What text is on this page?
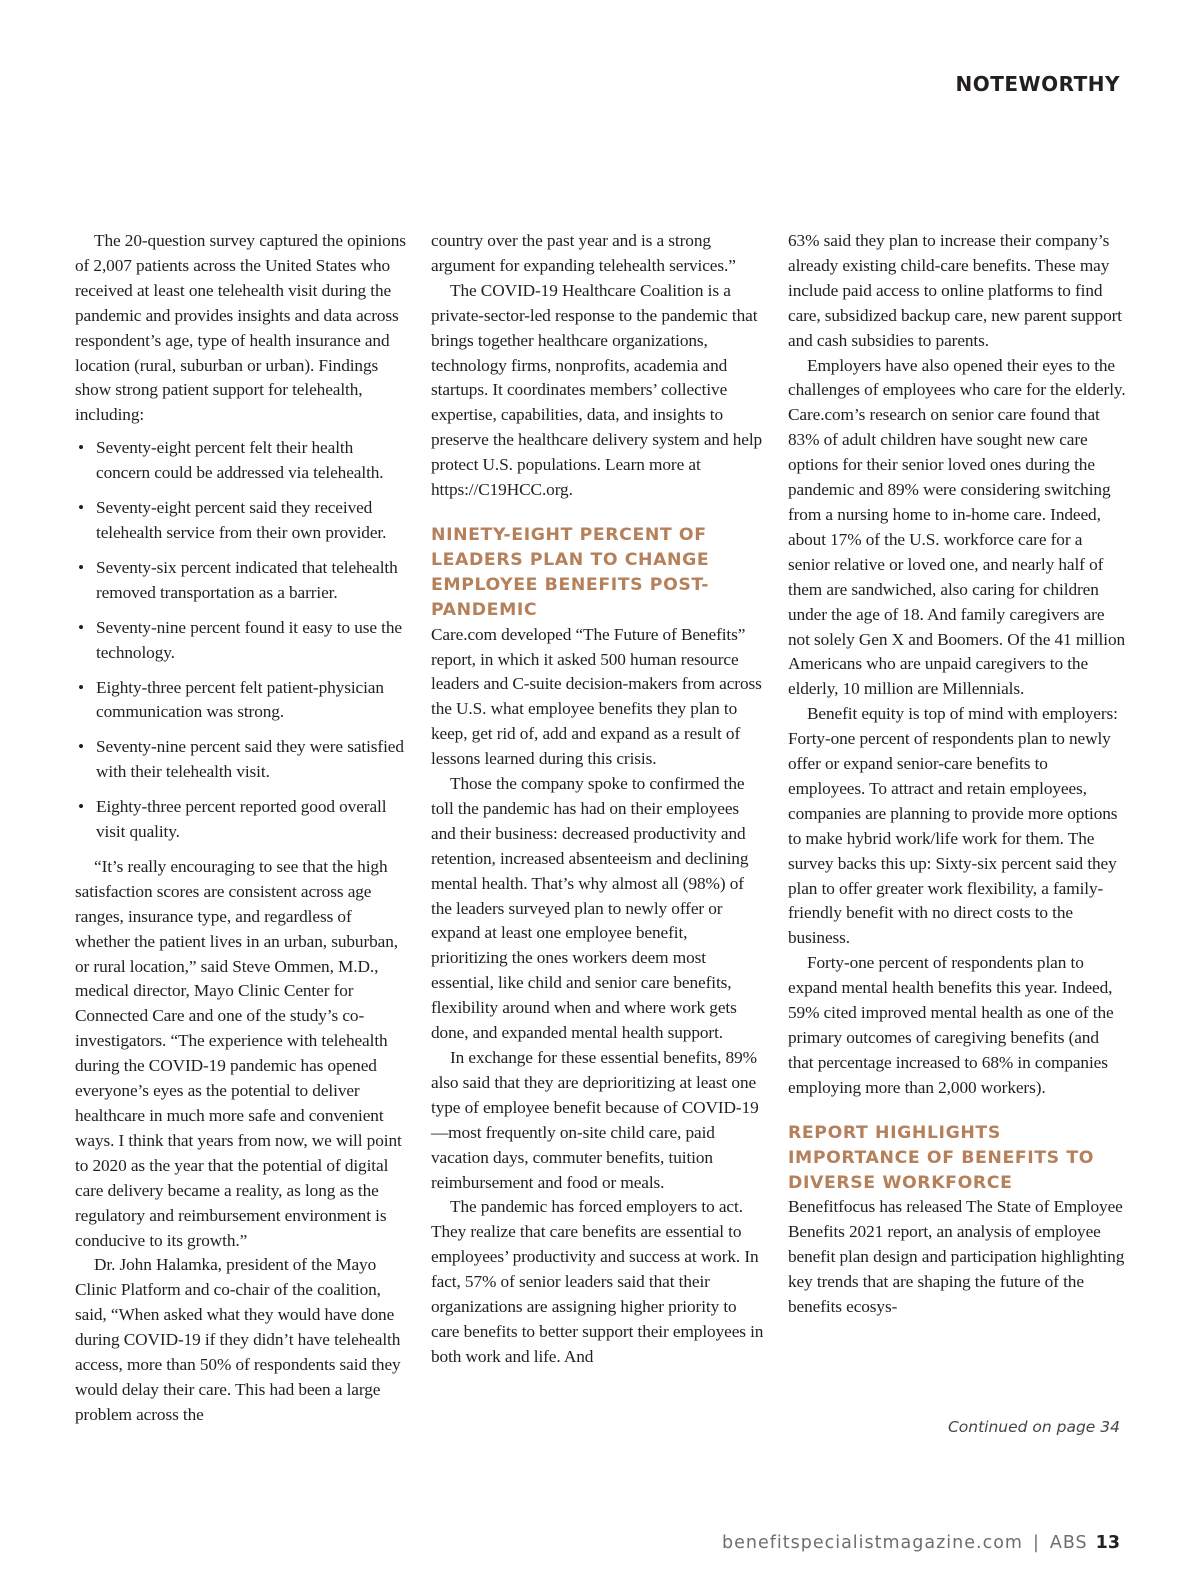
NOTEWORTHY

The 20-question survey captured the opinions of 2,007 patients across the United States who received at least one telehealth visit during the pandemic and provides insights and data across respondent’s age, type of health insurance and location (rural, suburban or urban). Findings show strong patient support for telehealth, including:

• Seventy-eight percent felt their health concern could be addressed via telehealth.
• Seventy-eight percent said they received telehealth service from their own provider.
• Seventy-six percent indicated that telehealth removed transportation as a barrier.
• Seventy-nine percent found it easy to use the technology.
• Eighty-three percent felt patient-physician communication was strong.
• Seventy-nine percent said they were satisfied with their telehealth visit.
• Eighty-three percent reported good overall visit quality.

“It’s really encouraging to see that the high satisfaction scores are consistent across age ranges, insurance type, and regardless of whether the patient lives in an urban, suburban, or rural location,” said Steve Ommen, M.D., medical director, Mayo Clinic Center for Connected Care and one of the study’s co-investigators. “The experience with telehealth during the COVID-19 pandemic has opened everyone’s eyes as the potential to deliver healthcare in much more safe and convenient ways. I think that years from now, we will point to 2020 as the year that the potential of digital care delivery became a reality, as long as the regulatory and reimbursement environment is conducive to its growth.”

Dr. John Halamka, president of the Mayo Clinic Platform and co-chair of the coalition, said, “When asked what they would have done during COVID-19 if they didn’t have telehealth access, more than 50% of respondents said they would delay their care. This had been a large problem across the

country over the past year and is a strong argument for expanding telehealth services.”

The COVID-19 Healthcare Coalition is a private-sector-led response to the pandemic that brings together healthcare organizations, technology firms, nonprofits, academia and startups. It coordinates members’ collective expertise, capabilities, data, and insights to preserve the healthcare delivery system and help protect U.S. populations. Learn more at https://C19HCC.org.

NINETY-EIGHT PERCENT OF LEADERS PLAN TO CHANGE EMPLOYEE BENEFITS POST-PANDEMIC

Care.com developed “The Future of Benefits” report, in which it asked 500 human resource leaders and C-suite decision-makers from across the U.S. what employee benefits they plan to keep, get rid of, add and expand as a result of lessons learned during this crisis.

Those the company spoke to confirmed the toll the pandemic has had on their employees and their business: decreased productivity and retention, increased absenteeism and declining mental health. That’s why almost all (98%) of the leaders surveyed plan to newly offer or expand at least one employee benefit, prioritizing the ones workers deem most essential, like child and senior care benefits, flexibility around when and where work gets done, and expanded mental health support.

In exchange for these essential benefits, 89% also said that they are deprioritizing at least one type of employee benefit because of COVID-19—most frequently on-site child care, paid vacation days, commuter benefits, tuition reimbursement and food or meals.

The pandemic has forced employers to act. They realize that care benefits are essential to employees’ productivity and success at work. In fact, 57% of senior leaders said that their organizations are assigning higher priority to care benefits to better support their employees in both work and life. And

63% said they plan to increase their company’s already existing child-care benefits. These may include paid access to online platforms to find care, subsidized backup care, new parent support and cash subsidies to parents.

Employers have also opened their eyes to the challenges of employees who care for the elderly. Care.com’s research on senior care found that 83% of adult children have sought new care options for their senior loved ones during the pandemic and 89% were considering switching from a nursing home to in-home care. Indeed, about 17% of the U.S. workforce care for a senior relative or loved one, and nearly half of them are sandwiched, also caring for children under the age of 18. And family caregivers are not solely Gen X and Boomers. Of the 41 million Americans who are unpaid caregivers to the elderly, 10 million are Millennials.

Benefit equity is top of mind with employers: Forty-one percent of respondents plan to newly offer or expand senior-care benefits to employees. To attract and retain employees, companies are planning to provide more options to make hybrid work/life work for them. The survey backs this up: Sixty-six percent said they plan to offer greater work flexibility, a family-friendly benefit with no direct costs to the business.

Forty-one percent of respondents plan to expand mental health benefits this year. Indeed, 59% cited improved mental health as one of the primary outcomes of caregiving benefits (and that percentage increased to 68% in companies employing more than 2,000 workers).

REPORT HIGHLIGHTS IMPORTANCE OF BENEFITS TO DIVERSE WORKFORCE

Benefitfocus has released The State of Employee Benefits 2021 report, an analysis of employee benefit plan design and participation highlighting key trends that are shaping the future of the benefits ecosys-

Continued on page 34
benefitspecialistmagazine.com | ABS 13
